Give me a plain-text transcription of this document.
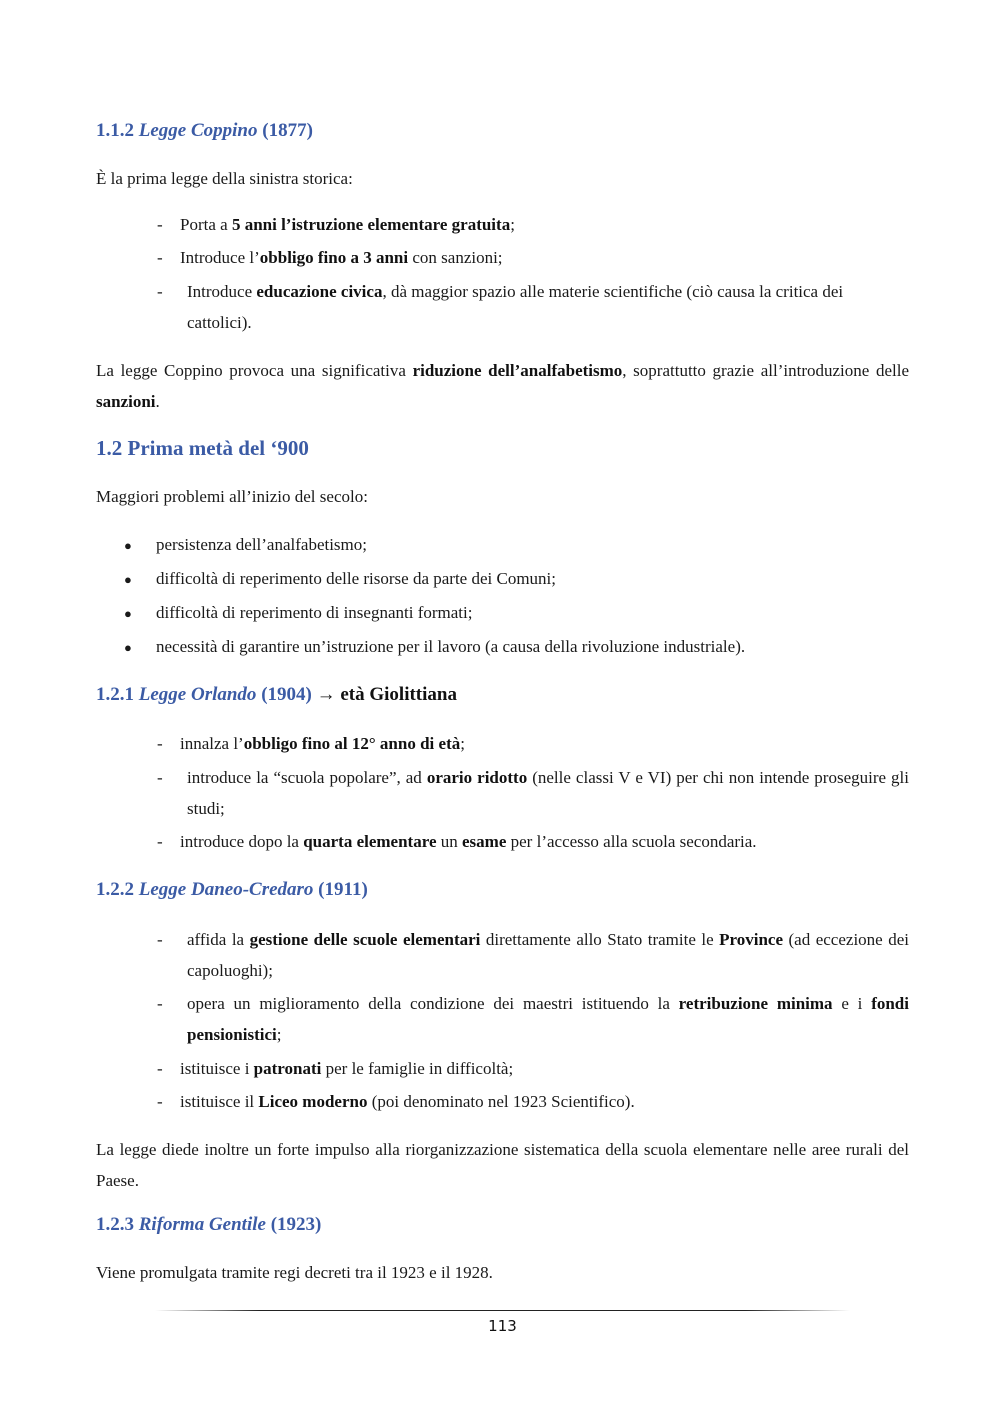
1.1.2 Legge Coppino (1877)
È la prima legge della sinistra storica:
- Porta a 5 anni l’istruzione elementare gratuita;
- Introduce l’obbligo fino a 3 anni con sanzioni;
- Introduce educazione civica, dà maggior spazio alle materie scientifiche (ciò causa la critica dei cattolici).
La legge Coppino provoca una significativa riduzione dell’analfabetismo, soprattutto grazie all’introduzione delle sanzioni.
1.2 Prima metà del ‘900
Maggiori problemi all’inizio del secolo:
● persistenza dell’analfabetismo;
● difficoltà di reperimento delle risorse da parte dei Comuni;
● difficoltà di reperimento di insegnanti formati;
● necessità di garantire un’istruzione per il lavoro (a causa della rivoluzione industriale).
1.2.1 Legge Orlando (1904) → età Giolittiana
- innalza l’obbligo fino al 12° anno di età;
- introduce la “scuola popolare”, ad orario ridotto (nelle classi V e VI) per chi non intende proseguire gli studi;
- introduce dopo la quarta elementare un esame per l’accesso alla scuola secondaria.
1.2.2 Legge Daneo-Credaro (1911)
- affida la gestione delle scuole elementari direttamente allo Stato tramite le Province (ad eccezione dei capoluoghi);
- opera un miglioramento della condizione dei maestri istituendo la retribuzione minima e i fondi pensionistici;
- istituisce i patronati per le famiglie in difficoltà;
- istituisce il Liceo moderno (poi denominato nel 1923 Scientifico).
La legge diede inoltre un forte impulso alla riorganizzazione sistematica della scuola elementare nelle aree rurali del Paese.
1.2.3 Riforma Gentile (1923)
Viene promulgata tramite regi decreti tra il 1923 e il 1928.
113
